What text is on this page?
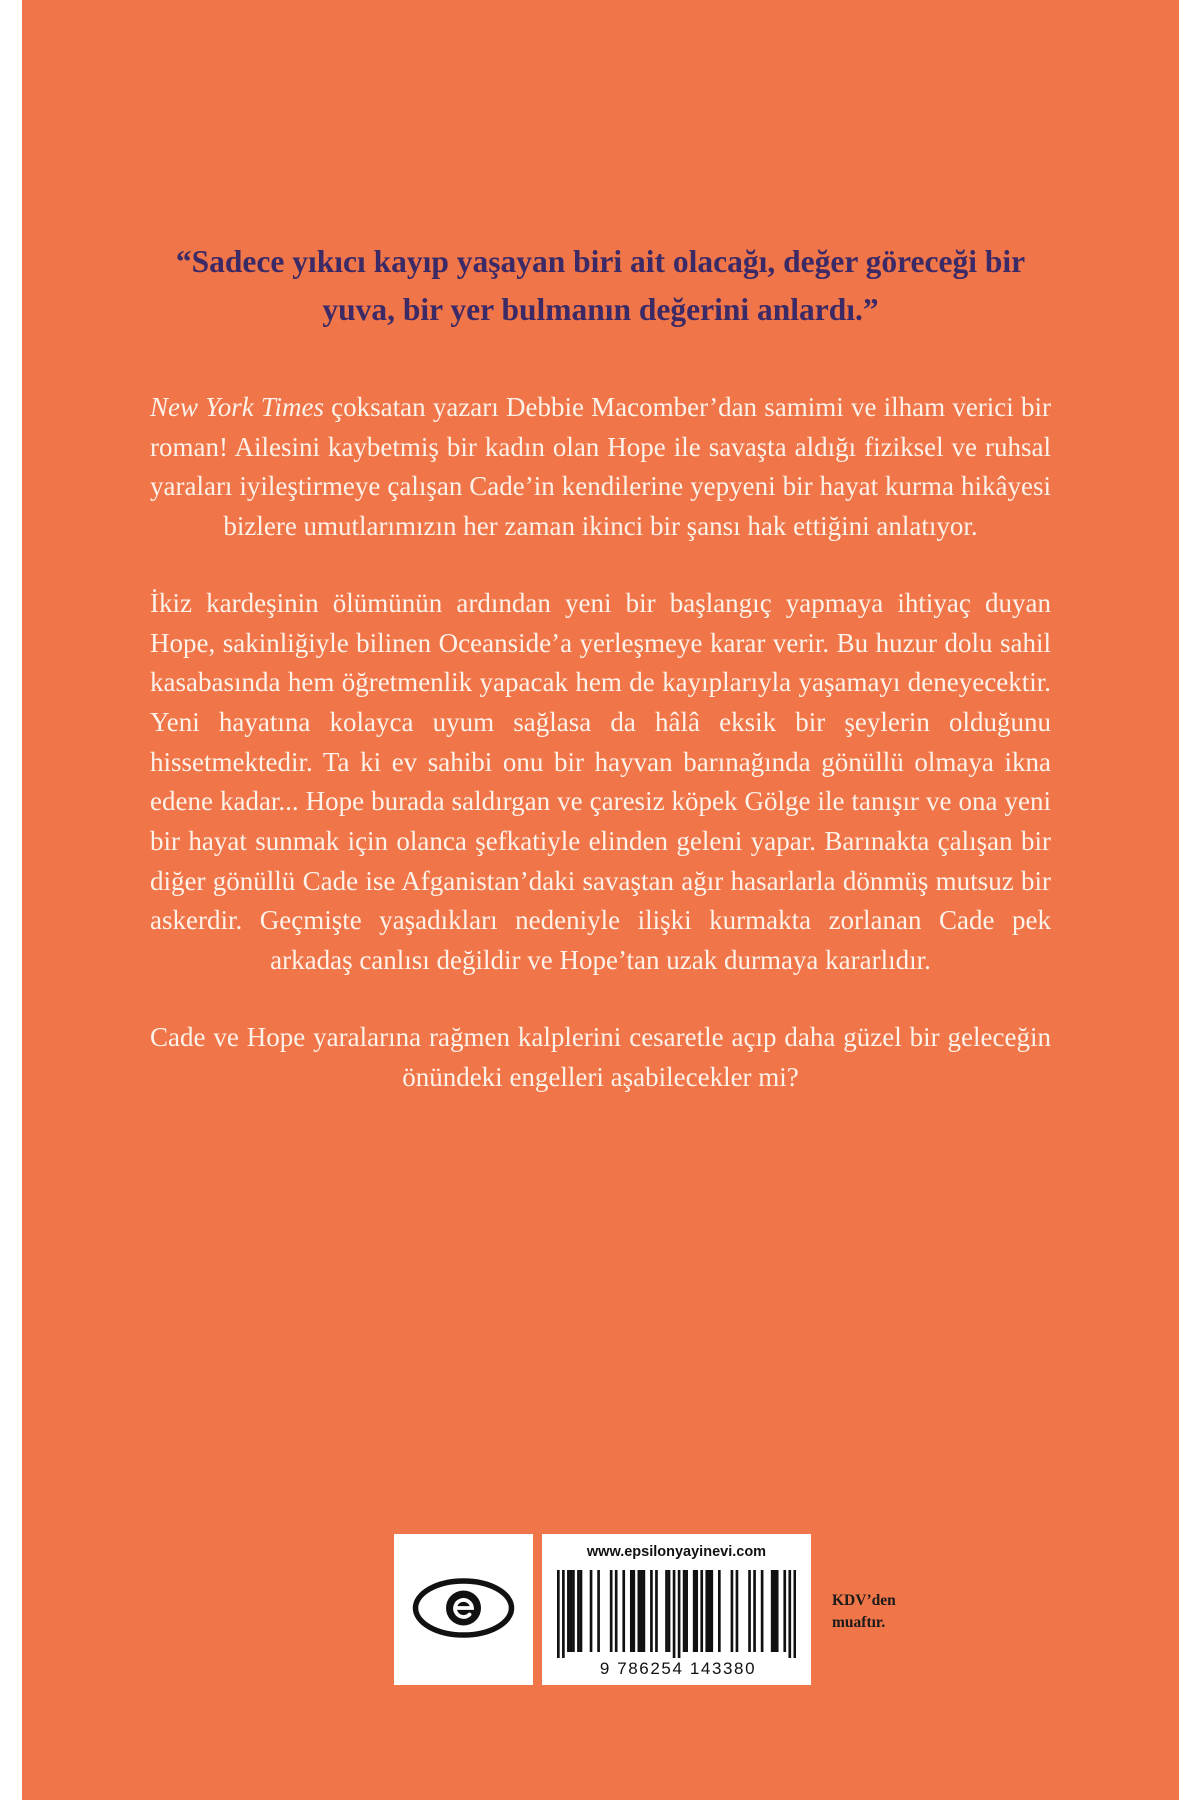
“Sadece yıkıcı kayıp yaşayan biri ait olacağı, değer göreceği bir yuva, bir yer bulmanın değerini anlardı.”

New York Times çoksatan yazarı Debbie Macomber’dan samimi ve ilham verici bir roman! Ailesini kaybetmiş bir kadın olan Hope ile savaşta aldığı fiziksel ve ruhsal yaraları iyileştirmeye çalışan Cade’in kendilerine yepyeni bir hayat kurma hikâyesi bizlere umutlarımızın her zaman ikinci bir şansı hak ettiğini anlatıyor.

İkiz kardeşinin ölümünün ardından yeni bir başlangıç yapmaya ihtiyaç duyan Hope, sakinliğiyle bilinen Oceanside’a yerleşmeye karar verir. Bu huzur dolu sahil kasabasında hem öğretmenlik yapacak hem de kayıplarıyla yaşamayı deneyecektir. Yeni hayatına kolayca uyum sağlasa da hâlâ eksik bir şeylerin olduğunu hissetmektedir. Ta ki ev sahibi onu bir hayvan barınağında gönüllü olmaya ikna edene kadar... Hope burada saldırgan ve çaresiz köpek Gölge ile tanışır ve ona yeni bir hayat sunmak için olanca şefkatiyle elinden geleni yapar. Barınakta çalışan bir diğer gönüllü Cade ise Afganistan’daki savaştan ağır hasarlarla dönmüş mutsuz bir askerdir. Geçmişte yaşadıkları nedeniyle ilişki kurmakta zorlanan Cade pek arkadaş canlısı değildir ve Hope’tan uzak durmaya kararlıdır.

Cade ve Hope yaralarına rağmen kalplerini cesaretle açıp daha güzel bir geleceğin önündeki engelleri aşabilecekler mi?

www.epsilonyayinevi.com
9 786254 143380
KDV’den
muaftır.
